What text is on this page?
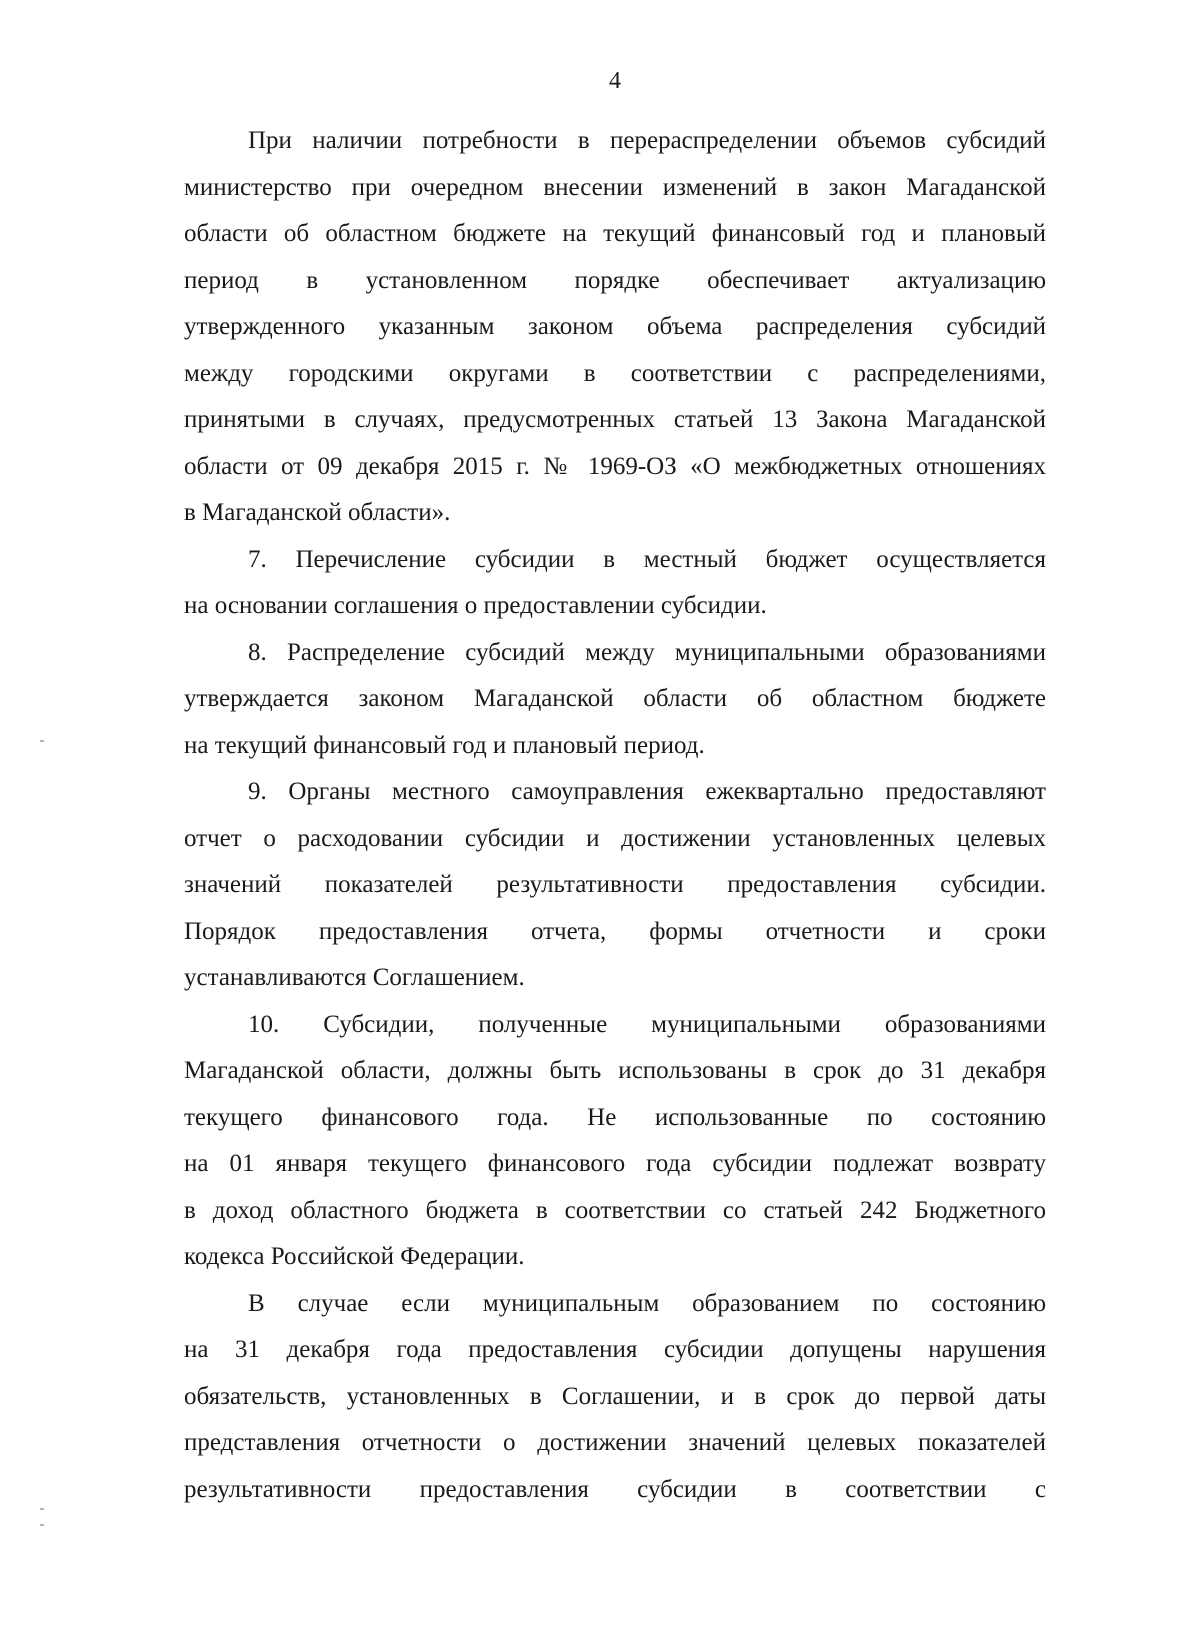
4
При наличии потребности в перераспределении объемов субсидий
министерство при очередном внесении изменений в закон Магаданской
области об областном бюджете на текущий финансовый год и плановый
период в установленном порядке обеспечивает актуализацию
утвержденного указанным законом объема распределения субсидий
между городскими округами в соответствии с распределениями,
принятыми в случаях, предусмотренных статьей 13 Закона Магаданской
области от 09 декабря 2015 г. № 1969-ОЗ «О межбюджетных отношениях
в Магаданской области».
7. Перечисление субсидии в местный бюджет осуществляется
на основании соглашения о предоставлении субсидии.
8. Распределение субсидий между муниципальными образованиями
утверждается законом Магаданской области об областном бюджете
на текущий финансовый год и плановый период.
9. Органы местного самоуправления ежеквартально предоставляют
отчет о расходовании субсидии и достижении установленных целевых
значений показателей результативности предоставления субсидии.
Порядок предоставления отчета, формы отчетности и сроки
устанавливаются Соглашением.
10. Субсидии, полученные муниципальными образованиями
Магаданской области, должны быть использованы в срок до 31 декабря
текущего финансового года. Не использованные по состоянию
на 01 января текущего финансового года субсидии подлежат возврату
в доход областного бюджета в соответствии со статьей 242 Бюджетного
кодекса Российской Федерации.
В случае если муниципальным образованием по состоянию
на 31 декабря года предоставления субсидии допущены нарушения
обязательств, установленных в Соглашении, и в срок до первой даты
представления отчетности о достижении значений целевых показателей
результативности предоставления субсидии в соответствии с
